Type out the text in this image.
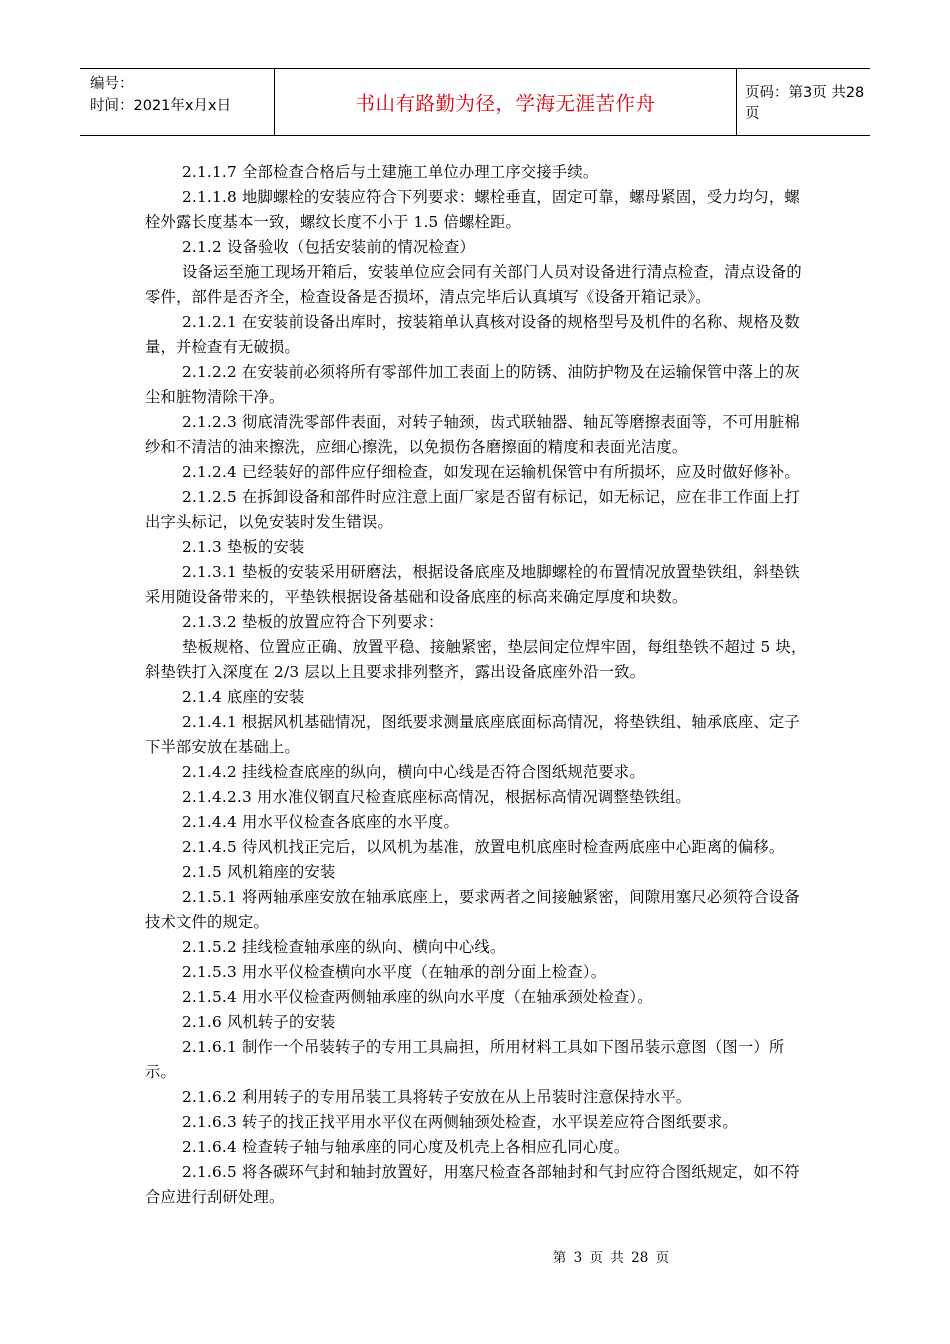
编号：
时间：2021年x月x日	书山有路勤为径，学海无涯苦作舟	页码：第3页 共28页

2.1.1.7 全部检查合格后与土建施工单位办理工序交接手续。

2.1.1.8 地脚螺栓的安装应符合下列要求：螺栓垂直，固定可靠，螺母紧固，受力均匀，螺栓外露长度基本一致，螺纹长度不小于 1.5 倍螺栓距。

2.1.2 设备验收（包括安装前的情况检查）

设备运至施工现场开箱后，安装单位应会同有关部门人员对设备进行清点检查，清点设备的零件，部件是否齐全，检查设备是否损坏，清点完毕后认真填写《设备开箱记录》。

2.1.2.1 在安装前设备出库时，按装箱单认真核对设备的规格型号及机件的名称、规格及数量，并检查有无破损。

2.1.2.2 在安装前必须将所有零部件加工表面上的防锈、油防护物及在运输保管中落上的灰尘和脏物清除干净。

2.1.2.3 彻底清洗零部件表面，对转子轴颈，齿式联轴器、轴瓦等磨擦表面等，不可用脏棉纱和不清洁的油来擦洗，应细心擦洗，以免损伤各磨擦面的精度和表面光洁度。

2.1.2.4 已经装好的部件应仔细检查，如发现在运输机保管中有所损坏，应及时做好修补。

2.1.2.5 在拆卸设备和部件时应注意上面厂家是否留有标记，如无标记，应在非工作面上打出字头标记，以免安装时发生错误。

2.1.3 垫板的安装

2.1.3.1 垫板的安装采用研磨法，根据设备底座及地脚螺栓的布置情况放置垫铁组，斜垫铁采用随设备带来的，平垫铁根据设备基础和设备底座的标高来确定厚度和块数。

2.1.3.2 垫板的放置应符合下列要求：

垫板规格、位置应正确、放置平稳、接触紧密，垫层间定位焊牢固，每组垫铁不超过 5 块，斜垫铁打入深度在 2/3 层以上且要求排列整齐，露出设备底座外沿一致。

2.1.4 底座的安装

2.1.4.1 根据风机基础情况，图纸要求测量底座底面标高情况，将垫铁组、轴承底座、定子下半部安放在基础上。

2.1.4.2 挂线检查底座的纵向，横向中心线是否符合图纸规范要求。

2.1.4.2.3 用水准仪钢直尺检查底座标高情况，根据标高情况调整垫铁组。

2.1.4.4 用水平仪检查各底座的水平度。

2.1.4.5 待风机找正完后，以风机为基准，放置电机底座时检查两底座中心距离的偏移。

2.1.5 风机箱座的安装

2.1.5.1 将两轴承座安放在轴承底座上，要求两者之间接触紧密，间隙用塞尺必须符合设备技术文件的规定。

2.1.5.2 挂线检查轴承座的纵向、横向中心线。

2.1.5.3 用水平仪检查横向水平度（在轴承的剖分面上检查）。

2.1.5.4 用水平仪检查两侧轴承座的纵向水平度（在轴承颈处检查）。

2.1.6 风机转子的安装

2.1.6.1 制作一个吊装转子的专用工具扁担，所用材料工具如下图吊装示意图（图一）所示。

2.1.6.2 利用转子的专用吊装工具将转子安放在从上吊装时注意保持水平。

2.1.6.3 转子的找正找平用水平仪在两侧轴颈处检查，水平误差应符合图纸要求。

2.1.6.4 检查转子轴与轴承座的同心度及机壳上各相应孔同心度。

2.1.6.5 将各碳环气封和轴封放置好，用塞尺检查各部轴封和气封应符合图纸规定，如不符合应进行刮研处理。

第 3 页 共 28 页
